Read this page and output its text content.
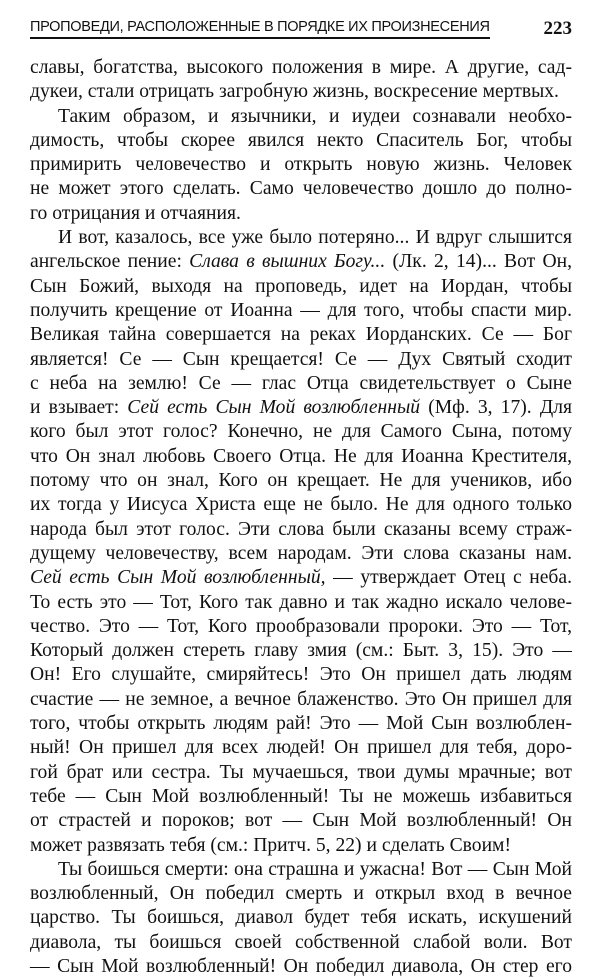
ПРОПОВЕДИ, РАСПОЛОЖЕННЫЕ В ПОРЯДКЕ ИХ ПРОИЗНЕСЕНИЯ	223
славы, богатства, высокого положения в мире. А другие, сад-
дукеи, стали отрицать загробную жизнь, воскресение мертвых.
Таким образом, и язычники, и иудеи сознавали необхо-
димость, чтобы скорее явился некто Спаситель Бог, чтобы
примирить человечество и открыть новую жизнь. Человек
не может этого сделать. Само человечество дошло до полно-
го отрицания и отчаяния.
И вот, казалось, все уже было потеряно... И вдруг слышится
ангельское пение: Слава в вышних Богу... (Лк. 2, 14)... Вот Он,
Сын Божий, выходя на проповедь, идет на Иордан, чтобы
получить крещение от Иоанна — для того, чтобы спасти мир.
Великая тайна совершается на реках Иорданских. Се — Бог
является! Се — Сын крещается! Се — Дух Святый сходит
с неба на землю! Се — глас Отца свидетельствует о Сыне
и взывает: Сей есть Сын Мой возлюбленный (Мф. 3, 17). Для
кого был этот голос? Конечно, не для Самого Сына, потому
что Он знал любовь Своего Отца. Не для Иоанна Крестителя,
потому что он знал, Кого он крещает. Не для учеников, ибо
их тогда у Иисуса Христа еще не было. Не для одного только
народа был этот голос. Эти слова были сказаны всему страж-
дущему человечеству, всем народам. Эти слова сказаны нам.
Сей есть Сын Мой возлюбленный, — утверждает Отец с неба.
То есть это — Тот, Кого так давно и так жадно искало челове-
чество. Это — Тот, Кого прообразовали пророки. Это — Тот,
Который должен стереть главу змия (см.: Быт. 3, 15). Это —
Он! Его слушайте, смиряйтесь! Это Он пришел дать людям
счастие — не земное, а вечное блаженство. Это Он пришел для
того, чтобы открыть людям рай! Это — Мой Сын возлюблен-
ный! Он пришел для всех людей! Он пришел для тебя, доро-
гой брат или сестра. Ты мучаешься, твои думы мрачные; вот
тебе — Сын Мой возлюбленный! Ты не можешь избавиться
от страстей и пороков; вот — Сын Мой возлюбленный! Он
может развязать тебя (см.: Притч. 5, 22) и сделать Своим!
Ты боишься смерти: она страшна и ужасна! Вот — Сын Мой
возлюбленный, Он победил смерть и открыл вход в вечное
царство. Ты боишься, диавол будет тебя искать, искушений
диавола, ты боишься своей собственной слабой воли. Вот
— Сын Мой возлюбленный! Он победил диавола, Он стер его
